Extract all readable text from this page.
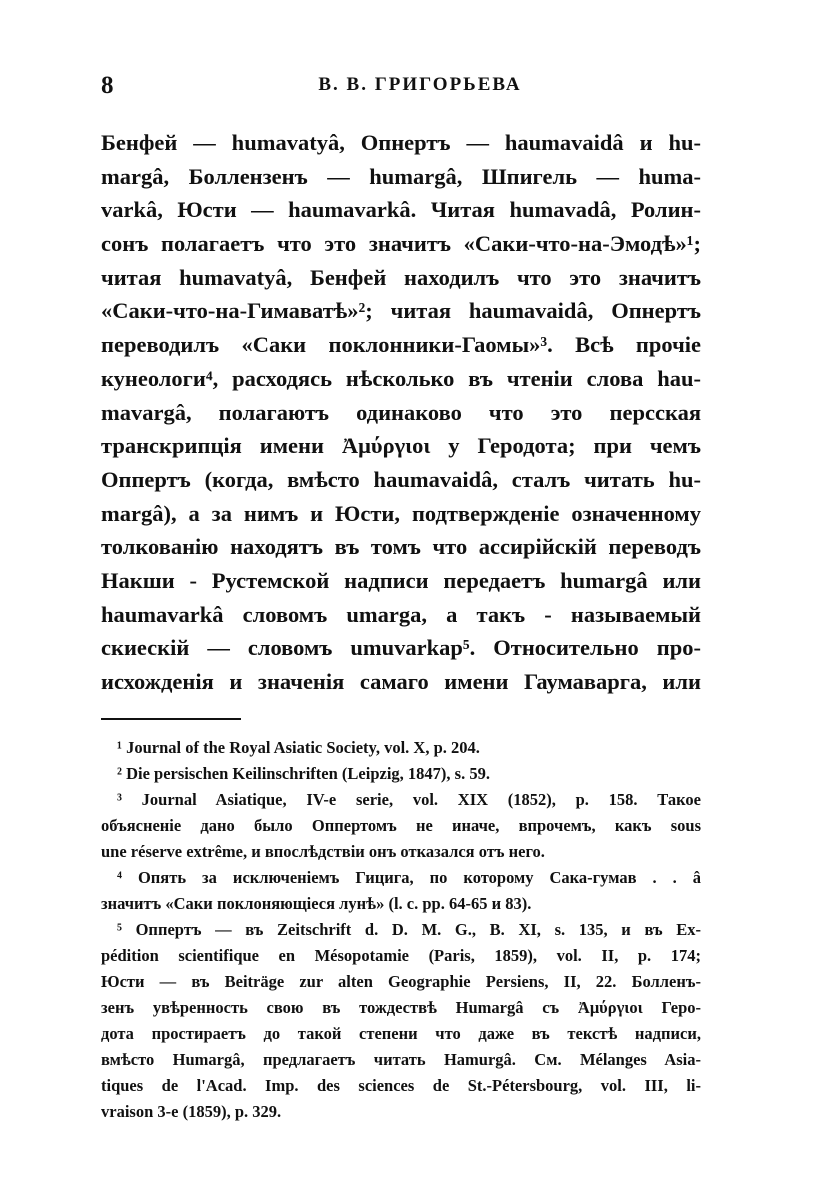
8	В. В. ГРИГОРЬЕВА
Бенфей — humavatyâ, Опнертъ — haumavaidâ и hu-
margâ, Боллензенъ — humargâ, Шпигель — huma-
varkâ, Юсти — haumavarkâ. Читая humavadâ, Ролин-
сонъ полагаетъ что это значитъ «Саки-что-на-Эмодѣ»¹;
читая humavatyâ, Бенфей находилъ что это значитъ
«Саки-что-на-Гимаватѣ»²; читая haumavaidâ, Опнертъ
переводилъ «Саки поклонники-Гаомы»³. Всѣ прочіе
кунеологи⁴, расходясь нѣсколько въ чтеніи слова hau-
mavargâ, полагаютъ одинаково что это персская
транскрипція имени Ἀμύργιοι у Геродота; при чемъ
Оппертъ (когда, вмѣсто haumavaidâ, сталъ читать hu-
margâ), а за нимъ и Юсти, подтвержденіе означенному
толкованію находятъ въ томъ что ассирійскій переводъ
Накши - Рустемской надписи передаетъ humargâ или
haumavarkâ словомъ umarga, а такъ - называемый
скиескій — словомъ umuvarkap⁵. Относительно про-
исхожденія и значенія самаго имени Гаумаварга, или
¹ Journal of the Royal Asiatic Society, vol. X, p. 204.
² Die persischen Keilinschriften (Leipzig, 1847), s. 59.
³ Journal Asiatique, IV-e serie, vol. XIX (1852), p. 158. Такое
объясненіе дано было Оппертомъ не иначе, впрочемъ, какъ sous
une réserve extrême, и впослѣдствіи онъ отказался отъ него.
⁴ Опять за исключеніемъ Гицига, по которому Сака-гумав . . â
значитъ «Саки поклоняющіеся лунѣ» (l. c. pp. 64-65 и 83).
⁵ Оппертъ — въ Zeitschrift d. D. M. G., B. XI, s. 135, и въ Ex-
pédition scientifique en Mésopotamie (Paris, 1859), vol. II, p. 174;
Юсти — въ Beiträge zur alten Geographie Persiens, II, 22. Болленъ-
зенъ увѣренность свою въ тождествѣ Humargâ съ Ἀμύργιοι Геро-
дота простираетъ до такой степени что даже въ текстѣ надписи,
вмѣсто Humargâ, предлагаетъ читать Hamurgâ. См. Mélanges Asia-
tiques de l'Acad. Imp. des sciences de St.-Pétersbourg, vol. III, li-
vraison 3-e (1859), p. 329.
